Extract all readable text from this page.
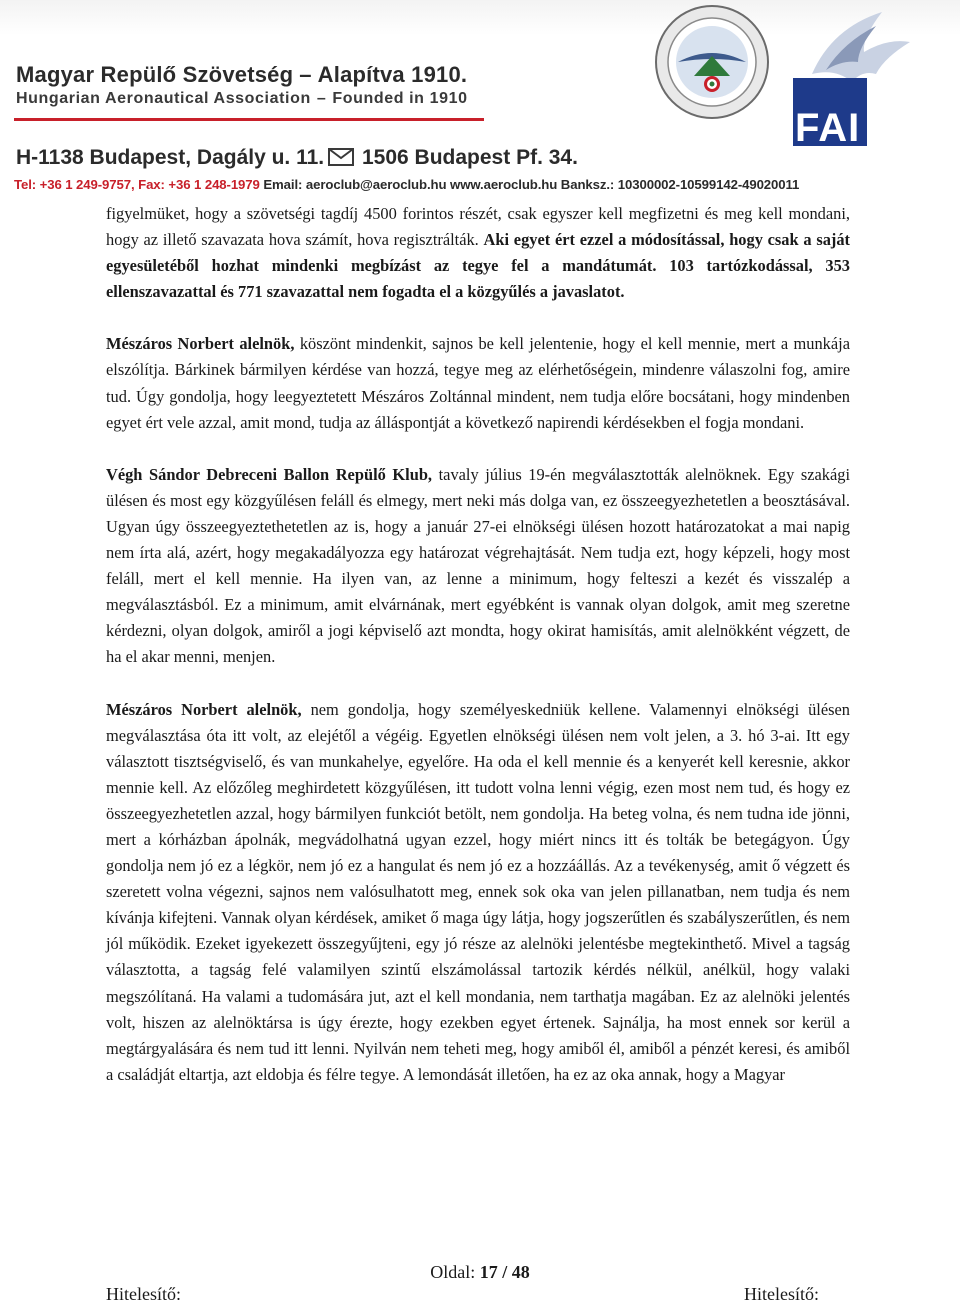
Magyar Repülő Szövetség – Alapítva 1910.
Hungarian Aeronautical Association – Founded in 1910
H-1138 Budapest, Dagály u. 11. 1506 Budapest Pf. 34.
Tel: +36 1 249-9757, Fax: +36 1 248-1979 Email: aeroclub@aeroclub.hu www.aeroclub.hu Banksz.: 10300002-10599142-49020011
FAI

figyelmüket, hogy a szövetségi tagdíj 4500 forintos részét, csak egyszer kell megfizetni és meg kell mondani, hogy az illető szavazata hova számít, hova regisztrálták. Aki egyet ért ezzel a módosítással, hogy csak a saját egyesületéből hozhat mindenki megbízást az tegye fel a mandátumát. 103 tartózkodással, 353 ellenszavazattal és 771 szavazattal nem fogadta el a közgyűlés a javaslatot.

Mészáros Norbert alelnök, köszönt mindenkit, sajnos be kell jelentenie, hogy el kell mennie, mert a munkája elszólítja. Bárkinek bármilyen kérdése van hozzá, tegye meg az elérhetőségein, mindenre válaszolni fog, amire tud. Úgy gondolja, hogy leegyeztetett Mészáros Zoltánnal mindent, nem tudja előre bocsátani, hogy mindenben egyet ért vele azzal, amit mond, tudja az álláspontját a következő napirendi kérdésekben el fogja mondani.

Végh Sándor Debreceni Ballon Repülő Klub, tavaly július 19-én megválasztották alelnöknek. Egy szakági ülésen és most egy közgyűlésen feláll és elmegy, mert neki más dolga van, ez összeegyezhetetlen a beosztásával. Ugyan úgy összeegyeztethetetlen az is, hogy a január 27-ei elnökségi ülésen hozott határozatokat a mai napig nem írta alá, azért, hogy megakadályozza egy határozat végrehajtását. Nem tudja ezt, hogy képzeli, hogy most feláll, mert el kell mennie. Ha ilyen van, az lenne a minimum, hogy felteszi a kezét és visszalép a megválasztásból. Ez a minimum, amit elvárnának, mert egyébként is vannak olyan dolgok, amit meg szeretne kérdezni, olyan dolgok, amiről a jogi képviselő azt mondta, hogy okirat hamisítás, amit alelnökként végzett, de ha el akar menni, menjen.

Mészáros Norbert alelnök, nem gondolja, hogy személyeskedniük kellene. Valamennyi elnökségi ülésen megválasztása óta itt volt, az elejétől a végéig. Egyetlen elnökségi ülésen nem volt jelen, a 3. hó 3-ai. Itt egy választott tisztségviselő, és van munkahelye, egyelőre. Ha oda el kell mennie és a kenyerét kell keresnie, akkor mennie kell. Az előzőleg meghirdetett közgyűlésen, itt tudott volna lenni végig, ezen most nem tud, és hogy ez összeegyezhetetlen azzal, hogy bármilyen funkciót betölt, nem gondolja. Ha beteg volna, és nem tudna ide jönni, mert a kórházban ápolnák, megvádolhatná ugyan ezzel, hogy miért nincs itt és tolták be betegágyon. Úgy gondolja nem jó ez a légkör, nem jó ez a hangulat és nem jó ez a hozzáállás. Az a tevékenység, amit ő végzett és szeretett volna végezni, sajnos nem valósulhatott meg, ennek sok oka van jelen pillanatban, nem tudja és nem kívánja kifejteni. Vannak olyan kérdések, amiket ő maga úgy látja, hogy jogszerűtlen és szabályszerűtlen, és nem jól működik. Ezeket igyekezett összegyűjteni, egy jó része az alelnöki jelentésbe megtekinthető. Mivel a tagság választotta, a tagság felé valamilyen szintű elszámolással tartozik kérdés nélkül, anélkül, hogy valaki megszólítaná. Ha valami a tudomására jut, azt el kell mondania, nem tarthatja magában. Ez az alelnöki jelentés volt, hiszen az alelnöktársa is úgy érezte, hogy ezekben egyet értenek. Sajnálja, ha most ennek sor kerül a megtárgyalására és nem tud itt lenni. Nyilván nem teheti meg, hogy amiből él, amiből a pénzét keresi, és amiből a családját eltartja, azt eldobja és félre tegye. A lemondását illetően, ha ez az oka annak, hogy a Magyar

Oldal: 17 / 48
Hitelesítő:	Hitelesítő:
